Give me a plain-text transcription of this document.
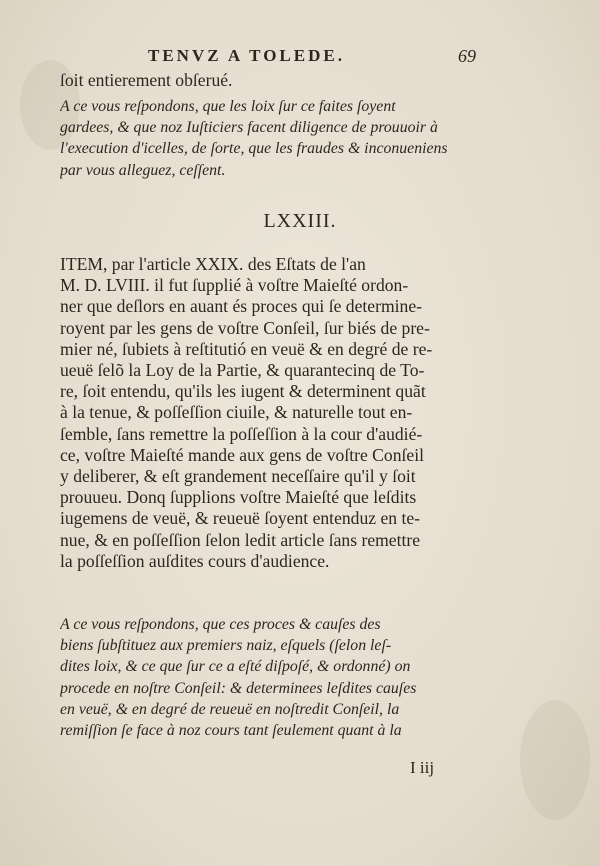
TENVZ A TOLEDE.	69
ſoit entierement obſerué.
A ce vous reſpondons, que les loix ſur ce faites ſoyent
gardees, & que noz Iuſticiers facent diligence de prouuoir à
l'execution d'icelles, de ſorte, que les fraudes & inconueniens
par vous alleguez, ceſſent.
LXXIII.
ITEM, par l'article XXIX. des Eſtats de l'an
M. D. LVIII. il fut ſupplié à voſtre Maieſté ordon-
ner que deſlors en auant és proces qui ſe determine-
royent par les gens de voſtre Conſeil, ſur biés de pre-
mier né, ſubiets à reſtitutió en veuë & en degré de re-
ueuë ſelõ la Loy de la Partie, & quarantecinq de To-
re, ſoit entendu, qu'ils les iugent & determinent quãt
à la tenue, & poſſeſſion ciuile, & naturelle tout en-
ſemble, ſans remettre la poſſeſſion à la cour d'audié-
ce, voſtre Maieſté mande aux gens de voſtre Conſeil
y deliberer, & eſt grandement neceſſaire qu'il y ſoit
prouueu. Donq ſupplions voſtre Maieſté que leſdits
iugemens de veuë, & reueuë ſoyent entenduz en te-
nue, & en poſſeſſion ſelon ledit article ſans remettre
la poſſeſſion auſdites cours d'audience.
A ce vous reſpondons, que ces proces & cauſes des
biens ſubſtituez aux premiers naiz, eſquels (ſelon leſ-
dites loix, & ce que ſur ce a eſté diſpoſé, & ordonné) on
procede en noſtre Conſeil: & determinees leſdites cauſes
en veuë, & en degré de reueuë en noſtredit Conſeil, la
remiſſion ſe face à noz cours tant ſeulement quant à la
I iij
